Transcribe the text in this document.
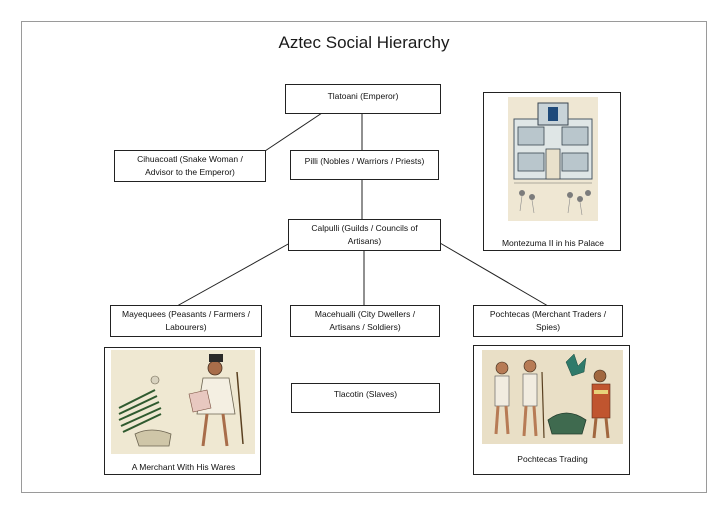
Aztec Social Hierarchy
Tlatoani (Emperor)
Cihuacoatl (Snake Woman / Advisor to the Emperor)
Pilli (Nobles / Warriors / Priests)
Calpulli (Guilds / Councils of Artisans)
Mayequees (Peasants / Farmers / Labourers)
Macehualli (City Dwellers / Artisans / Soldiers)
Pochtecas (Merchant Traders / Spies)
Tlacotin (Slaves)
Montezuma II in his Palace
A Merchant With His Wares
Pochtecas Trading
